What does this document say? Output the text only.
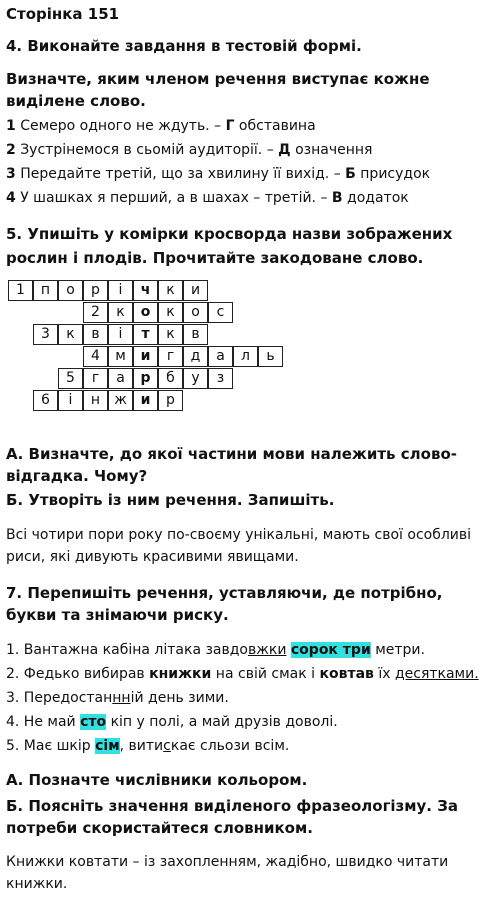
Сторінка 151
4. Виконайте завдання в тестовій формі.
Визначте, яким членом речення виступає кожне виділене слово.
1 Семеро одного не ждуть. – Г обставина
2 Зустрінемося в сьомій аудиторії. – Д означення
3 Передайте третій, що за хвилину її вихід. – Б присудок
4 У шашках я перший, а в шахах – третій. – В додаток
5. Упишіть у комірки кросворда назви зображених рослин і плодів. Прочитайте закодоване слово.
1	п	о	р	і	ч	к	и
2	к	о	к	о	с
3	к	в	і	т	к	в
4	м	и	г	д	а	л	ь
5	г	а	р	б	у	з
6	і	н	ж и	р
А. Визначте, до якої частини мови належить слово-відгадка. Чому?
Б. Утворіть із ним речення. Запишіть.
Всі чотири пори року по-своєму унікальні, мають свої особливі риси, які дивують красивими явищами.
7. Перепишіть речення, уставляючи, де потрібно, букви та знімаючи риску.
1. Вантажна кабіна літака завдовжки сорок три метри.
2. Федько вибирав книжки на свій смак і ковтав їх десятками.
3. Передостаннній день зими.
4. Не май сто кіп у полі, а май друзів доволі.
5. Має шкір сім, витискає сльози всім.
А. Позначте числівники кольором.
Б. Поясніть значення виділеного фразеологізму. За потреби скористайтеся словником.
Книжки ковтати – із захопленням, жадібно, швидко читати книжки.
